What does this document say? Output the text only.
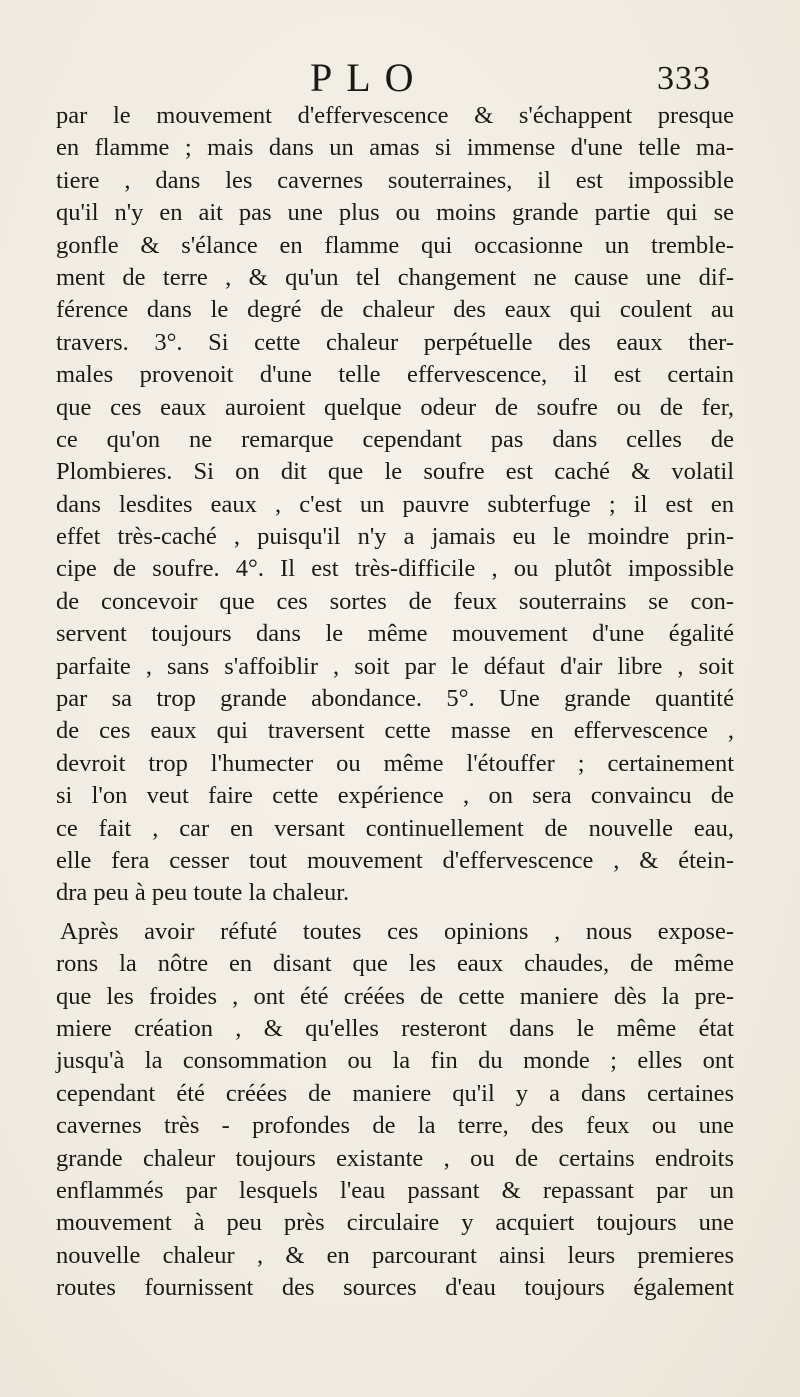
PLO	333
par le mouvement d'effervescence & s'échappent presque
en flamme ; mais dans un amas si immense d'une telle ma-
tiere , dans les cavernes souterraines, il est impossible
qu'il n'y en ait pas une plus ou moins grande partie qui se
gonfle & s'élance en flamme qui occasionne un tremble-
ment de terre , & qu'un tel changement ne cause une dif-
férence dans le degré de chaleur des eaux qui coulent au
travers. 3°. Si cette chaleur perpétuelle des eaux ther-
males provenoit d'une telle effervescence, il est certain
que ces eaux auroient quelque odeur de soufre ou de fer,
ce qu'on ne remarque cependant pas dans celles de
Plombieres. Si on dit que le soufre est caché & volatil
dans lesdites eaux , c'est un pauvre subterfuge ; il est en
effet très-caché , puisqu'il n'y a jamais eu le moindre prin-
cipe de soufre. 4°. Il est très-difficile , ou plutôt impossible
de concevoir que ces sortes de feux souterrains se con-
servent toujours dans le même mouvement d'une égalité
parfaite , sans s'affoiblir , soit par le défaut d'air libre , soit
par sa trop grande abondance. 5°. Une grande quantité
de ces eaux qui traversent cette masse en effervescence ,
devroit trop l'humecter ou même l'étouffer ; certainement
si l'on veut faire cette expérience , on sera convaincu de
ce fait , car en versant continuellement de nouvelle eau,
elle fera cesser tout mouvement d'effervescence , & étein-
dra peu à peu toute la chaleur.
Après avoir réfuté toutes ces opinions , nous expose-
rons la nôtre en disant que les eaux chaudes, de même
que les froides , ont été créées de cette maniere dès la pre-
miere création , & qu'elles resteront dans le même état
jusqu'à la consommation ou la fin du monde ; elles ont
cependant été créées de maniere qu'il y a dans certaines
cavernes très - profondes de la terre, des feux ou une
grande chaleur toujours existante , ou de certains endroits
enflammés par lesquels l'eau passant & repassant par un
mouvement à peu près circulaire y acquiert toujours une
nouvelle chaleur , & en parcourant ainsi leurs premieres
routes fournissent des sources d'eau toujours également
